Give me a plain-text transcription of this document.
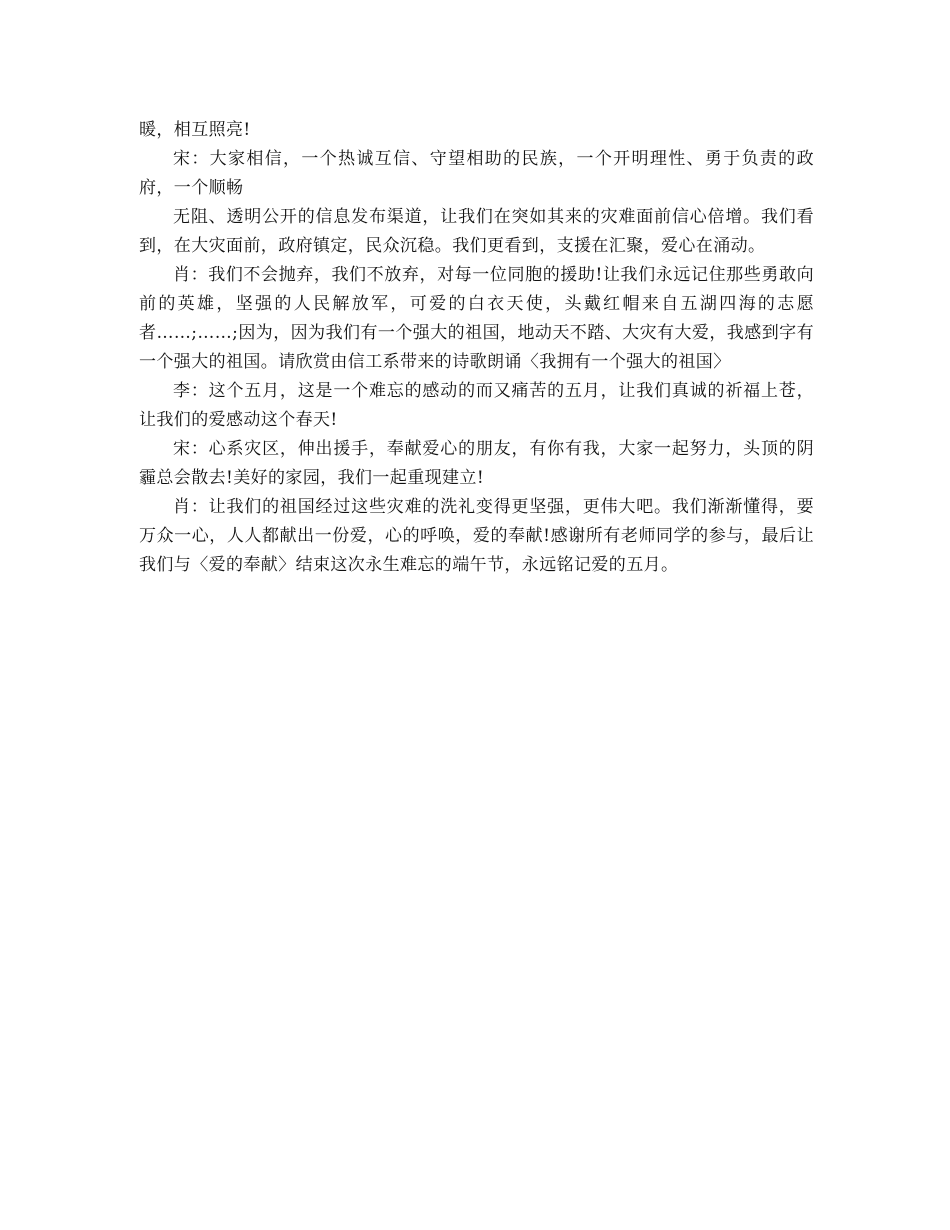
暖，相互照亮!

宋：大家相信，一个热诚互信、守望相助的民族，一个开明理性、勇于负责的政府，一个顺畅

无阻、透明公开的信息发布渠道，让我们在突如其来的灾难面前信心倍增。我们看到，在大灾面前，政府镇定，民众沉稳。我们更看到，支援在汇聚，爱心在涌动。

肖：我们不会抛弃，我们不放弃，对每一位同胞的援助!让我们永远记住那些勇敢向前的英雄，坚强的人民解放军，可爱的白衣天使，头戴红帽来自五湖四海的志愿者……;……;因为，因为我们有一个强大的祖国，地动天不踏、大灾有大爱，我感到字有一个强大的祖国。请欣赏由信工系带来的诗歌朗诵〈我拥有一个强大的祖国〉

李：这个五月，这是一个难忘的感动的而又痛苦的五月，让我们真诚的祈福上苍，让我们的爱感动这个春天!

宋：心系灾区，伸出援手，奉献爱心的朋友，有你有我，大家一起努力，头顶的阴霾总会散去!美好的家园，我们一起重现建立!

肖：让我们的祖国经过这些灾难的洗礼变得更坚强，更伟大吧。我们渐渐懂得，要万众一心，人人都献出一份爱，心的呼唤，爱的奉献!感谢所有老师同学的参与，最后让我们与〈爱的奉献〉结束这次永生难忘的端午节，永远铭记爱的五月。
